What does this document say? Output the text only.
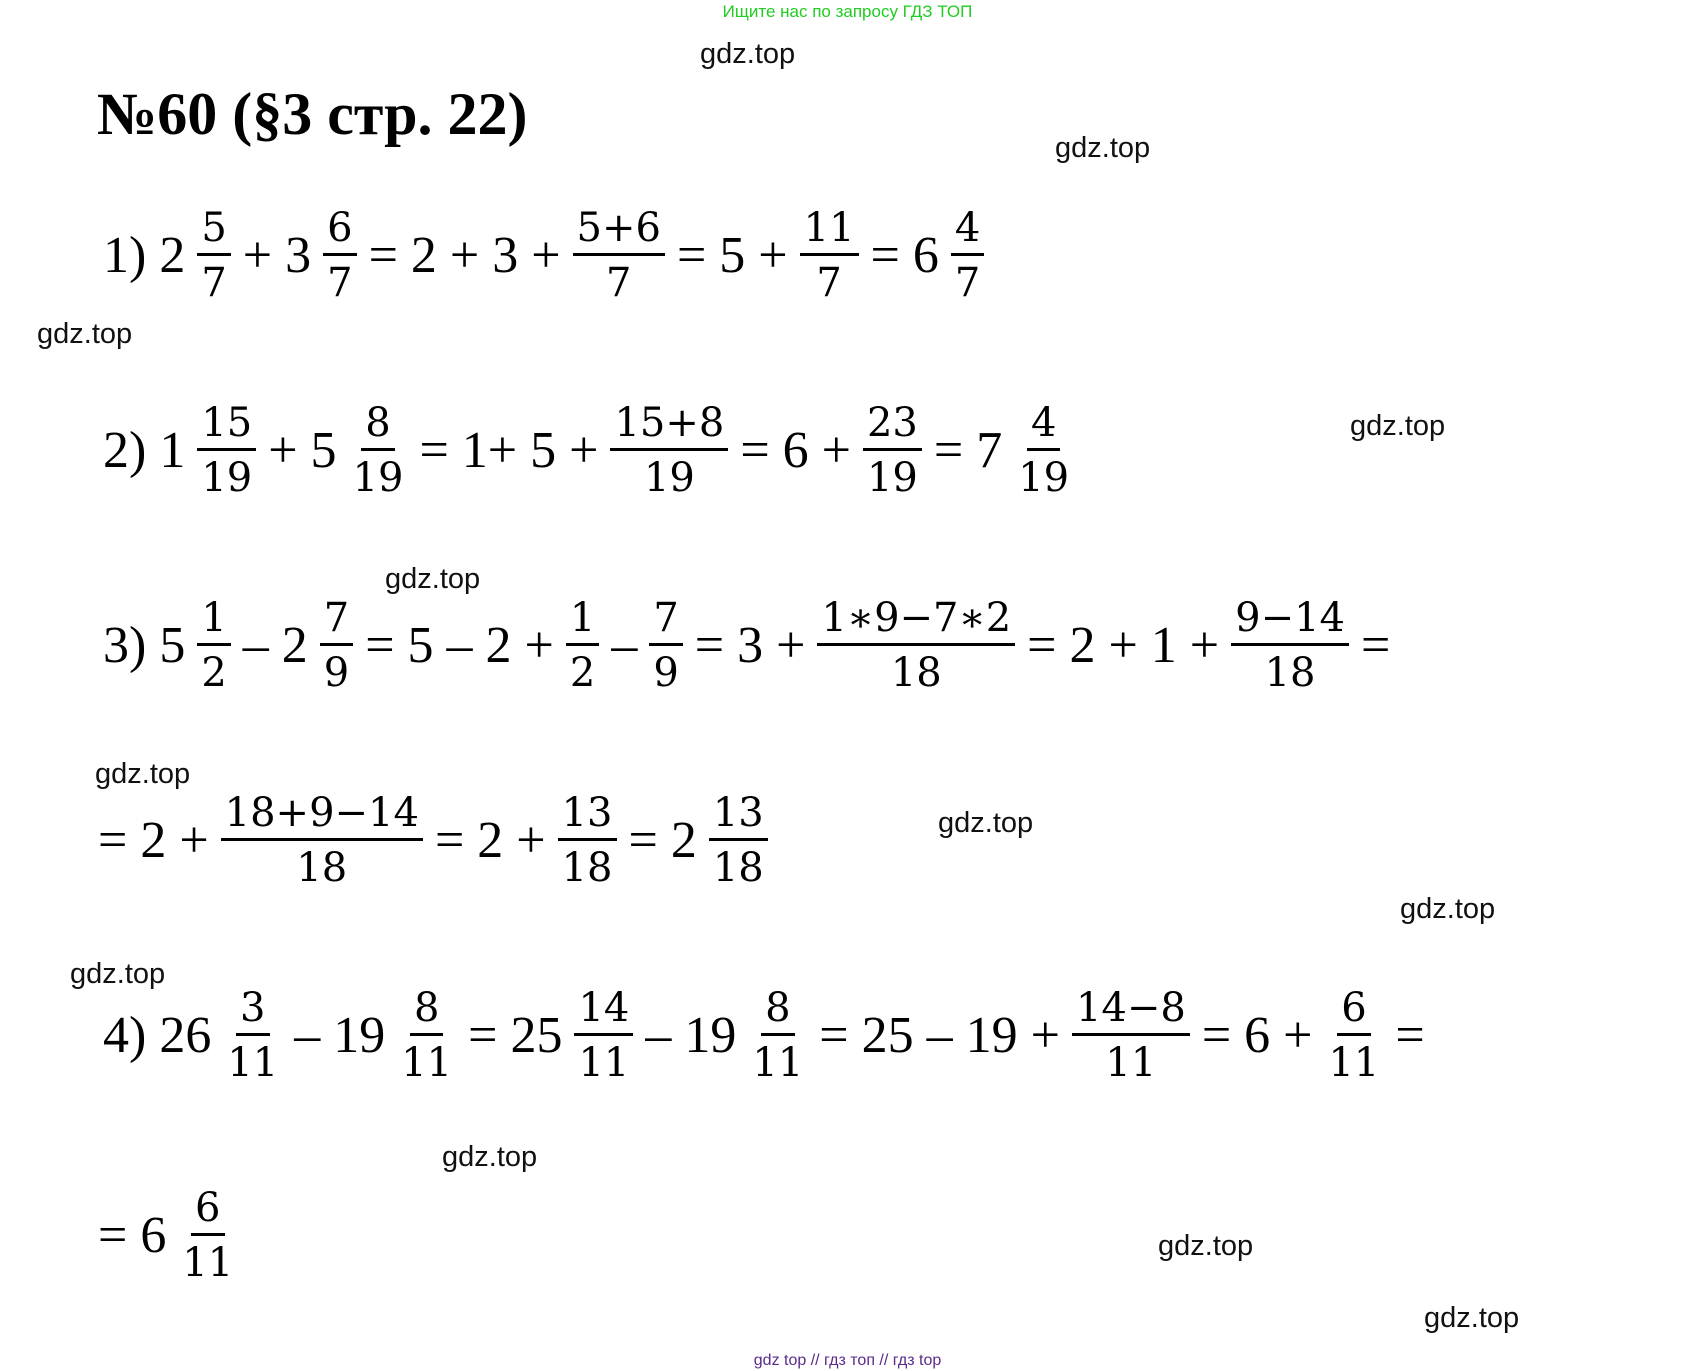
Ищите нас по запросу ГДЗ ТОП
gdz.top
gdz.top
gdz.top
gdz.top
gdz.top
gdz.top
gdz.top
gdz.top
gdz.top
gdz.top
gdz.top
gdz.top
№60 (§3 стр. 22)
1) $2 \frac{5}{7} + 3 \frac{6}{7} = 2 + 3 + \frac{5+6}{7} = 5 + \frac{11}{7} = 6 \frac{4}{7}$
2) $1 \frac{15}{19} + 5 \frac{8}{19} = 1+ 5 + \frac{15+8}{19} = 6 + \frac{23}{19} = 7 \frac{4}{19}$
3) $5 \frac{1}{2} - 2 \frac{7}{9} = 5 - 2 + \frac{1}{2} - \frac{7}{9} = 3 + \frac{1∗9-7∗2}{18} = 2 + 1 + \frac{9-14}{18}$ =
= $2 + \frac{18+9-14}{18} = 2 + \frac{13}{18} = 2 \frac{13}{18}$
4) $26 \frac{3}{11} - 19 \frac{8}{11} = 25 \frac{14}{11} - 19 \frac{8}{11} = 25 - 19 + \frac{14-8}{11} = 6 + \frac{6}{11}$ =
= $6 \frac{6}{11}$
gdz top // гдз топ // гдз top
